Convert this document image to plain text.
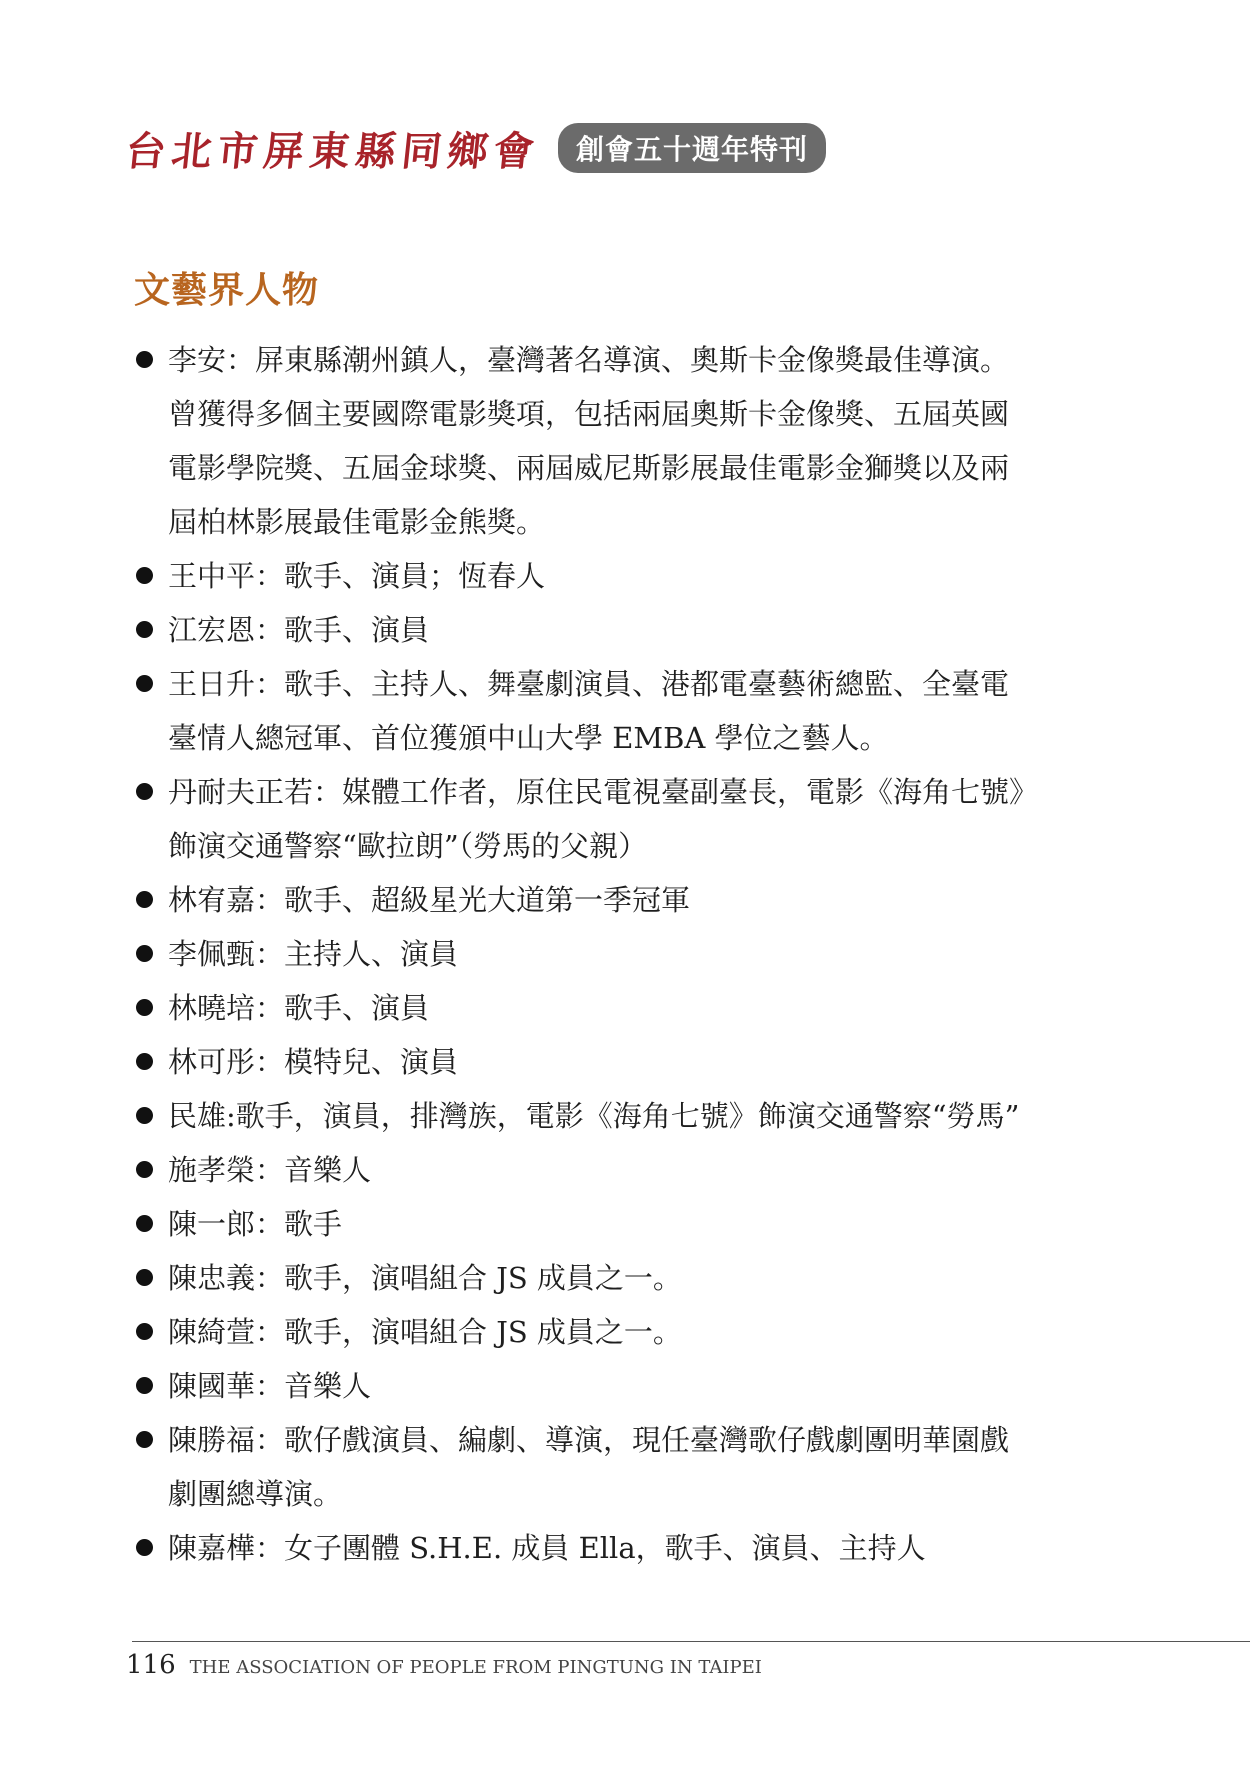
台北市屏東縣同鄉會	創會五十週年特刊
文藝界人物
李安：屏東縣潮州鎮人，臺灣著名導演、奧斯卡金像獎最佳導演。
曾獲得多個主要國際電影獎項，包括兩屆奧斯卡金像獎、五屆英國
電影學院獎、五屆金球獎、兩屆威尼斯影展最佳電影金獅獎以及兩
屆柏林影展最佳電影金熊獎。
王中平：歌手、演員；恆春人
江宏恩：歌手、演員
王日升：歌手、主持人、舞臺劇演員、港都電臺藝術總監、全臺電
臺情人總冠軍、首位獲頒中山大學 EMBA 學位之藝人。
丹耐夫正若：媒體工作者，原住民電視臺副臺長，電影《海角七號》
飾演交通警察“歐拉朗”（勞馬的父親）
林宥嘉：歌手、超級星光大道第一季冠軍
李佩甄：主持人、演員
林曉培：歌手、演員
林可彤：模特兒、演員
民雄:歌手，演員，排灣族，電影《海角七號》飾演交通警察“勞馬”
施孝榮：音樂人
陳一郎：歌手
陳忠義：歌手，演唱組合 JS 成員之一。
陳綺萱：歌手，演唱組合 JS 成員之一。
陳國華：音樂人
陳勝福：歌仔戲演員、編劇、導演，現任臺灣歌仔戲劇團明華園戲
劇團總導演。
陳嘉樺：女子團體 S.H.E. 成員 Ella，歌手、演員、主持人
116 THE ASSOCIATION OF PEOPLE FROM PINGTUNG IN TAIPEI
